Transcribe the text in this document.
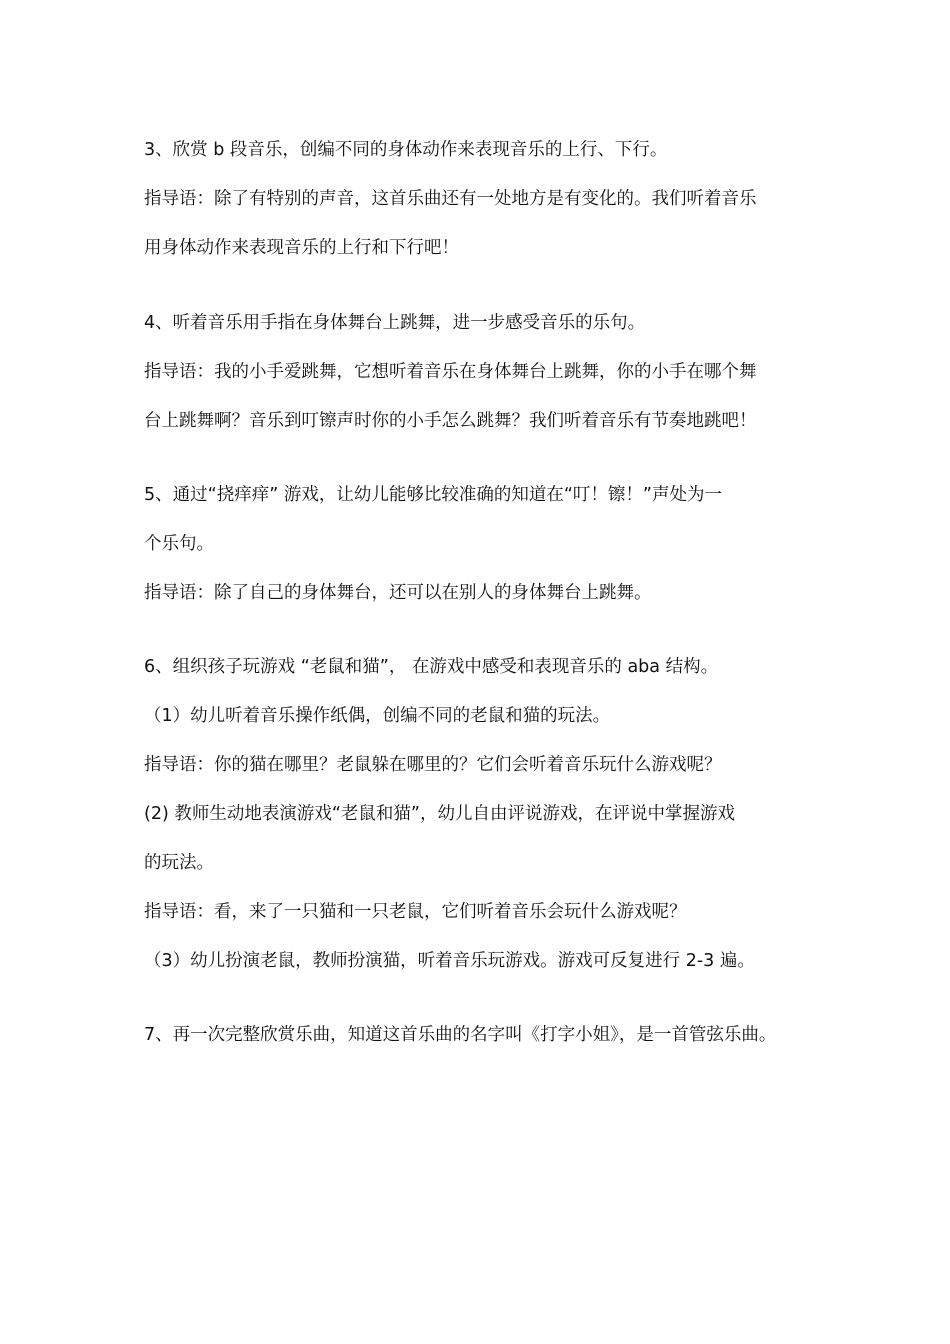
3、欣赏 b 段音乐，创编不同的身体动作来表现音乐的上行、下行。

指导语：除了有特别的声音，这首乐曲还有一处地方是有变化的。我们听着音乐

用身体动作来表现音乐的上行和下行吧！

4、听着音乐用手指在身体舞台上跳舞，进一步感受音乐的乐句。

指导语：我的小手爱跳舞，它想听着音乐在身体舞台上跳舞，你的小手在哪个舞

台上跳舞啊？音乐到叮镲声时你的小手怎么跳舞？我们听着音乐有节奏地跳吧！

5、通过“挠痒痒” 游戏，让幼儿能够比较准确的知道在“叮！镲！”声处为一

个乐句。

指导语：除了自己的身体舞台，还可以在别人的身体舞台上跳舞。

6、组织孩子玩游戏 “老鼠和猫”， 在游戏中感受和表现音乐的 aba 结构。

（1）幼儿听着音乐操作纸偶，创编不同的老鼠和猫的玩法。

指导语：你的猫在哪里？老鼠躲在哪里的？它们会听着音乐玩什么游戏呢？

(2) 教师生动地表演游戏“老鼠和猫”，幼儿自由评说游戏，在评说中掌握游戏

的玩法。

指导语：看，来了一只猫和一只老鼠，它们听着音乐会玩什么游戏呢？

（3）幼儿扮演老鼠，教师扮演猫，听着音乐玩游戏。游戏可反复进行 2-3 遍。

7、再一次完整欣赏乐曲，知道这首乐曲的名字叫《打字小姐》，是一首管弦乐曲。
